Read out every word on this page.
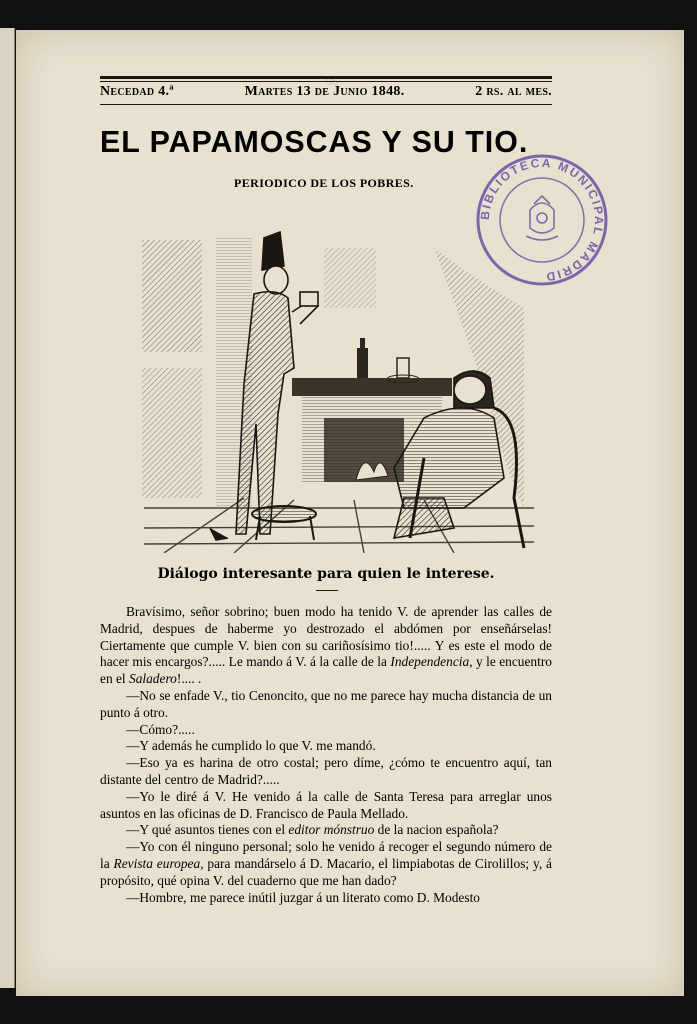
96
Necedad 4.ª	Martes 13 de Junio 1848.	2 rs. al mes.
EL PAPAMOSCAS Y SU TIO.
PERIODICO DE LOS POBRES.
BIBLIOTECA MUNICIPAL MADRID
Diálogo interesante para quien le interese.

Bravísimo, señor sobrino; buen modo ha tenido V. de aprender las calles de Madrid, despues de haberme yo destrozado el abdómen por enseñárselas! Ciertamente que cumple V. bien con su cariñosísimo tio!..... Y es este el modo de hacer mis encargos?..... Le mando á V. á la calle de la Independencia, y le encuentro en el Saladero!.... .

—No se enfade V., tio Cenoncito, que no me parece hay mucha distancia de un punto á otro.

—Cómo?.....

—Y además he cumplido lo que V. me mandó.

—Eso ya es harina de otro costal; pero díme, ¿cómo te encuentro aquí, tan distante del centro de Madrid?.....

—Yo le diré á V. He venido á la calle de Santa Teresa para arreglar unos asuntos en las oficinas de D. Francisco de Paula Mellado.

—Y qué asuntos tienes con el editor mónstruo de la nacion española?

—Yo con él ninguno personal; solo he venido á recoger el segundo número de la Revista europea, para mandárselo á D. Macario, el limpiabotas de Cirolillos; y, á propósito, qué opina V. del cuaderno que me han dado?

—Hombre, me parece inútil juzgar á un literato como D. Modesto
